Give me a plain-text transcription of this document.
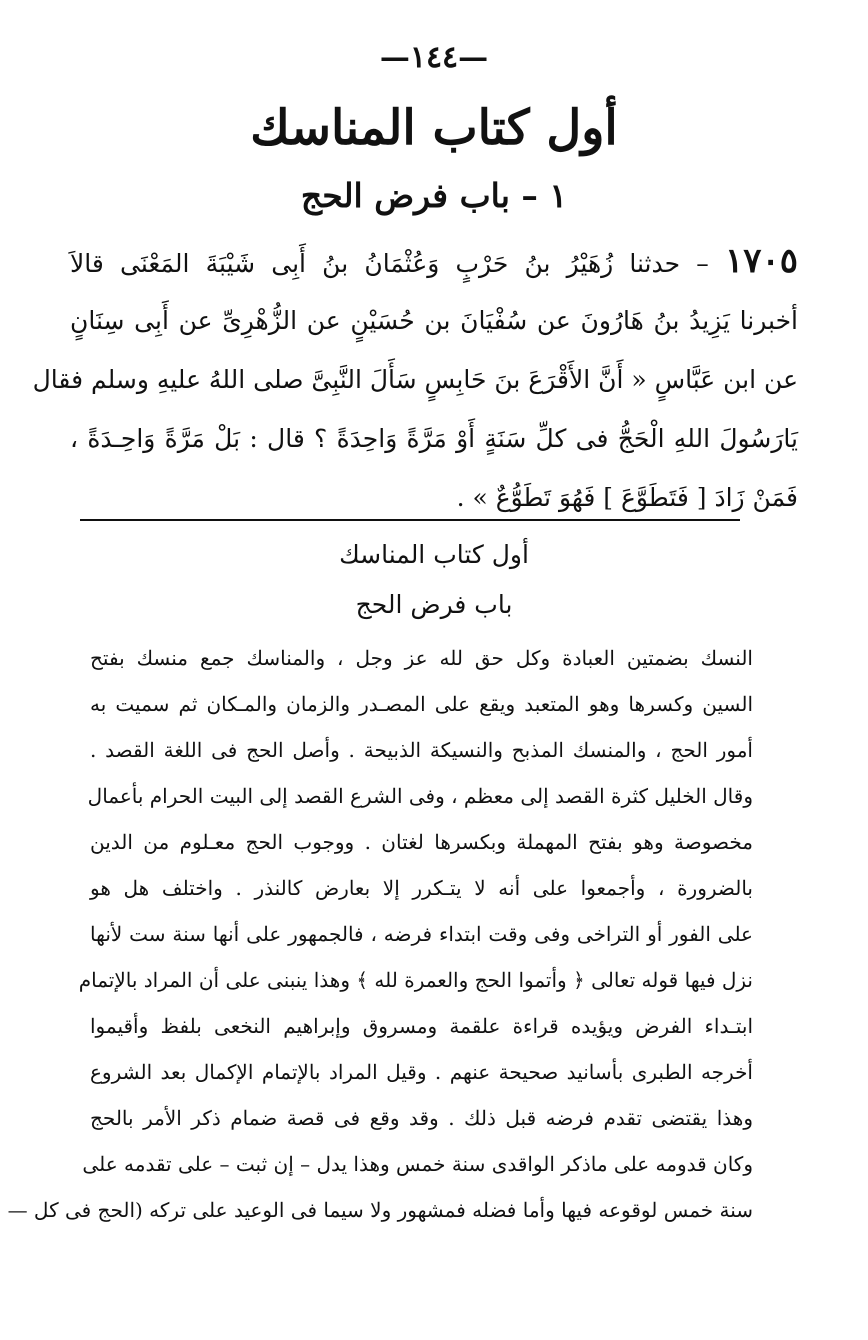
—١٤٤—
أول كتاب المناسك
١ – باب فرض الحج
١٧٠٥ – حدثنا زُهَيْرُ بنُ حَرْبٍ وَعُثْمَانُ بنُ أَبِى شَيْبَةَ المَعْنَى قالاَ
أخبرنا يَزِيدُ بنُ هَارُونَ عن سُفْيَانَ بن حُسَيْنٍ عن الزُّهْرِىِّ عن أَبِى سِنَانٍ
عن ابن عَبَّاسٍ « أَنَّ الأَقْرَعَ بنَ حَابِسٍ سَأَلَ النَّبِىَّ صلى اللهُ عليهِ وسلم فقال
يَارَسُولَ اللهِ الْحَجُّ فى كلِّ سَنَةٍ أَوْ مَرَّةً وَاحِدَةً ؟ قال : بَلْ مَرَّةً وَاحِـدَةً ،
فَمَنْ زَادَ [ فَتَطَوَّعَ ] فَهُوَ تَطَوُّعٌ » .
أول كتاب المناسك
باب فرض الحج
النسك بضمتين العبادة وكل حق لله عز وجل ، والمناسك جمع منسك بفتح
السين وكسرها وهو المتعبد ويقع على المصـدر والزمان والمـكان ثم سميت به
أمور الحج ، والمنسك المذبح والنسيكة الذبيحة . وأصل الحج فى اللغة القصد .
وقال الخليل كثرة القصد إلى معظم ، وفى الشرع القصد إلى البيت الحرام بأعمال
مخصوصة وهو بفتح المهملة وبكسرها لغتان . ووجوب الحج معـلوم من الدين
بالضرورة ، وأجمعوا على أنه لا يتـكرر إلا بعارض كالنذر . واختلف هل هو
على الفور أو التراخى وفى وقت ابتداء فرضه ، فالجمهور على أنها سنة ست لأنها
نزل فيها قوله تعالى ﴿ وأتموا الحج والعمرة لله ﴾ وهذا ينبنى على أن المراد بالإتمام
ابتـداء الفرض ويؤيده قراءة علقمة ومسروق وإبراهيم النخعى بلفظ وأقيموا
أخرجه الطبرى بأسانيد صحيحة عنهم . وقيل المراد بالإتمام الإكمال بعد الشروع
وهذا يقتضى تقدم فرضه قبل ذلك . وقد وقع فى قصة ضمام ذكر الأمر بالحج
وكان قدومه على ماذكر الواقدى سنة خمس وهذا يدل – إن ثبت – على تقدمه على
سنة خمس لوقوعه فيها وأما فضله فمشهور ولا سيما فى الوعيد على تركه (الحج فى كل —
